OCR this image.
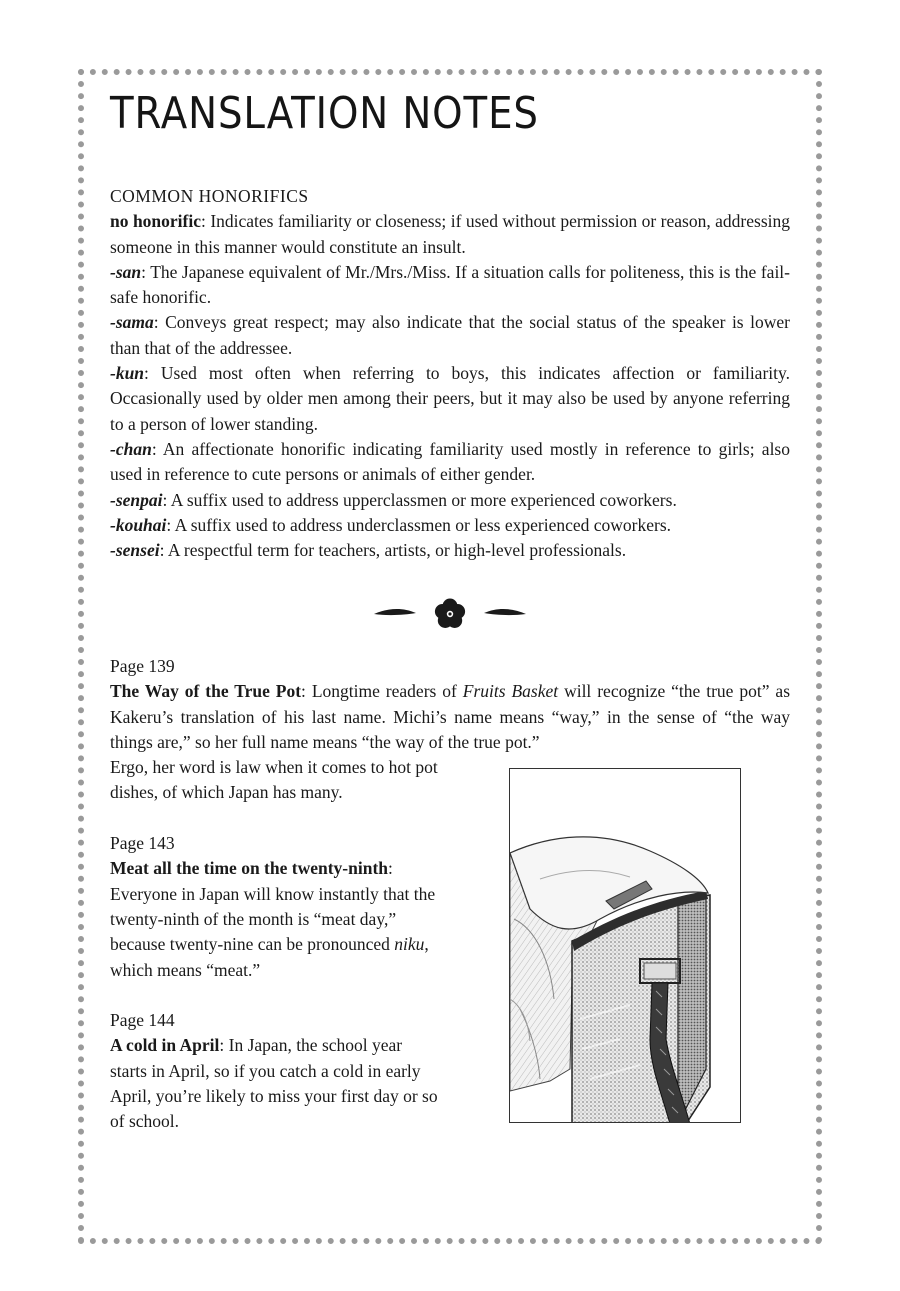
TRANSLATION NOTES

COMMON HONORIFICS

no honorific: Indicates familiarity or closeness; if used without permission or reason, addressing someone in this manner would constitute an insult.

-san: The Japanese equivalent of Mr./Mrs./Miss. If a situation calls for politeness, this is the fail-safe honorific.

-sama: Conveys great respect; may also indicate that the social status of the speaker is lower than that of the addressee.

-kun: Used most often when referring to boys, this indicates affection or familiarity. Occasionally used by older men among their peers, but it may also be used by anyone referring to a person of lower standing.

-chan: An affectionate honorific indicating familiarity used mostly in reference to girls; also used in reference to cute persons or animals of either gender.

-senpai: A suffix used to address upperclassmen or more experienced coworkers.

-kouhai: A suffix used to address underclassmen or less experienced coworkers.

-sensei: A respectful term for teachers, artists, or high-level professionals.

Page 139

The Way of the True Pot: Longtime readers of Fruits Basket will recognize “the true pot” as Kakeru’s translation of his last name. Michi’s name means “way,” in the sense of “the way things are,” so her full name means “the way of the true pot.”

Ergo, her word is law when it comes to hot pot

dishes, of which Japan has many.

Page 143

Meat all the time on the twenty-ninth:

Everyone in Japan will know instantly that the

twenty-ninth of the month is “meat day,”

because twenty-nine can be pronounced niku,

which means “meat.”

Page 144

A cold in April: In Japan, the school year

starts in April, so if you catch a cold in early

April, you’re likely to miss your first day or so

of school.
